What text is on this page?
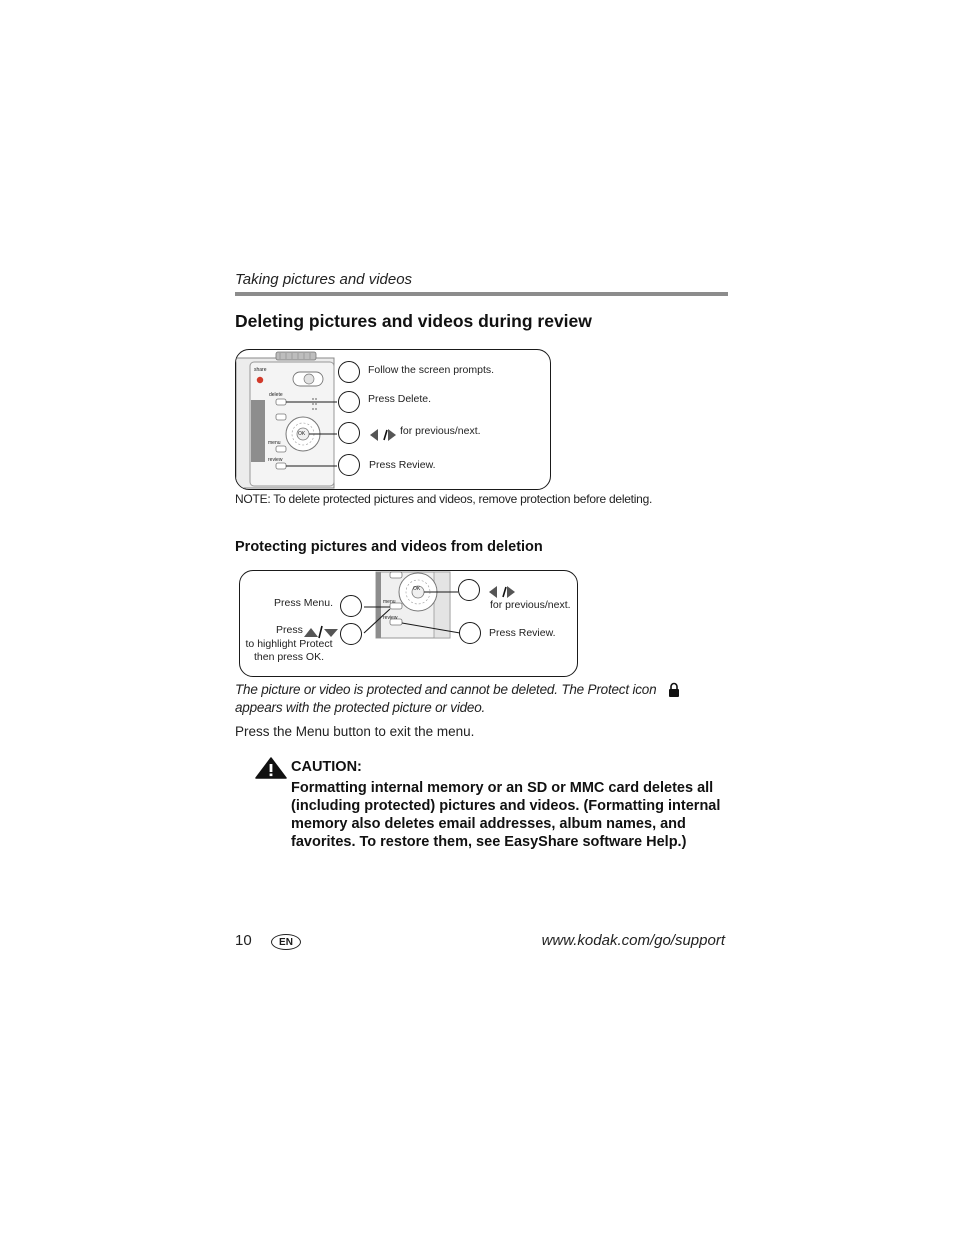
Taking pictures and videos
Deleting pictures and videos during review
share
delete
OK
menu
review
Follow the screen prompts.
Press Delete.
for previous/next.
Press Review.
NOTE: To delete protected pictures and videos, remove protection before deleting.
Protecting pictures and videos from deletion
OK
menu
review
Press Menu.
Press
to highlight Protect
then press OK.
for previous/next.
Press Review.
The picture or video is protected and cannot be deleted. The Protect icon  appears with the protected picture or video.
Press the Menu button to exit the menu.
CAUTION:
Formatting internal memory or an SD or MMC card deletes all (including protected) pictures and videos. (Formatting internal memory also deletes email addresses, album names, and favorites. To restore them, see EasyShare software Help.)
10	EN	www.kodak.com/go/support
